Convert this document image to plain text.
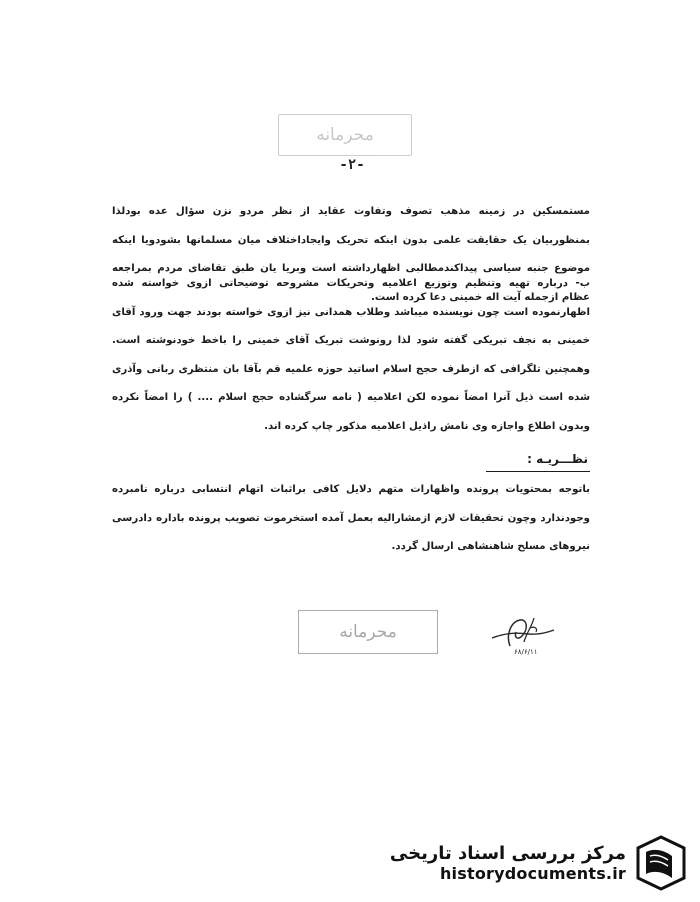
محرمانه
-۲-
مستمسکین در زمینه مذهب تصوف وتفاوت عقاید از نظر مردو نزن سؤال عده بودلذا بمنظوربیان یک حقایقت علمی بدون اینکه تحریک وایجاداختلاف میان مسلمانها بشودویا اینکه موضوع جنبه سیاسی پیداکندمطالبی اظهارداشته است وبریا یان طبق تقاضای مردم بمراجعه عظام ازجمله آیت اله خمینی دعا کرده است.
ب- درباره تهیه وتنظیم وتوزیع اعلامیه وتحریکات مشروحه توضیحاتی ازوی خواسته شده اظهارنموده است چون نویسنده میباشد وطلاب همدانی نیز ازوی خواسته بودند جهت ورود آقای خمینی به نجف تبریکی گفته شود لذا رونوشت تبریک آقای خمینی را باخط خودنوشته است. وهمچنین تلگرافی که ازطرف حجج اسلام اساتید حوزه علمیه قم بآقا بان منتظری ربانی وآذری شده است ذیل آنرا امضاً نموده لکن اعلامیه ( نامه سرگشاده حجج اسلام .... ) را امضاً نکرده وبدون اطلاع واجازه وی نامش راذیل اعلامیه مذکور چاپ کرده اند.
نظـــریـه :
باتوجه بمحتویات پرونده واظهارات متهم دلایل کافی براثبات اتهام انتسابی درباره نامبرده وجودندارد وچون تحقیقات لازم ازمشارالیه بعمل آمده استخرموت تصویب پرونده باداره دادرسی نیروهای مسلح شاهنشاهی ارسال گردد.
محرمانه
۶۸/۶/۱۱
مرکز بررسی اسناد تاریخی
historydocuments.ir
